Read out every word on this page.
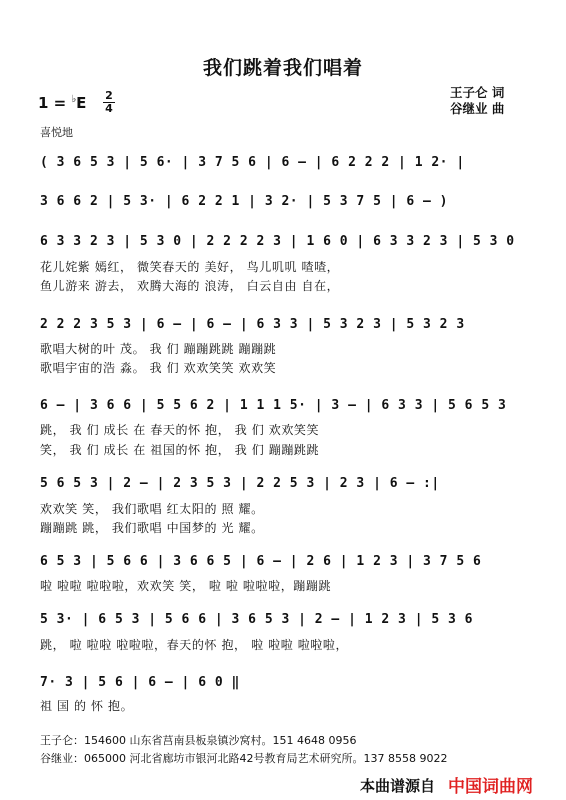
我们跳着我们唱着
王子仑 词
谷继业 曲
1 = ♭E 2
4
喜悦地
( 3 6 5 3 | 5 6· | 3 7 5 6 | 6 – | 6 2 2 2 | 1 2· |
3 6 6 2 | 5 3· | 6 2 2 1 | 3 2· | 5 3 7 5 | 6 – )
6 3 3 2 3 | 5 3 0 | 2 2 2 2 3 | 1 6 0 | 6 3 3 2 3 | 5 3 0
花儿姹紫 嫣红， 微笑春天的 美好， 鸟儿叽叽 喳喳，
鱼儿游来 游去， 欢腾大海的 浪涛， 白云自由 自在，
2 2 2 3 5 3 | 6 – | 6 – | 6 3 3 | 5 3 2 3 | 5 3 2 3
歌唱大树的叶 茂。 我 们 蹦蹦跳跳 蹦蹦跳
歌唱宇宙的浩 淼。 我 们 欢欢笑笑 欢欢笑
6 – | 3 6 6 | 5 5 6 2 | 1 1 1 5· | 3 – | 6 3 3 | 5 6 5 3
跳， 我 们 成长 在 春天的怀 抱， 我 们 欢欢笑笑
笑， 我 们 成长 在 祖国的怀 抱， 我 们 蹦蹦跳跳
5 6 5 3 | 2 – | 2 3 5 3 | 2 2 5 3 | 2 3 | 6 – :|
欢欢笑 笑， 我们歌唱 红太阳的 照 耀。
蹦蹦跳 跳， 我们歌唱 中国梦的 光 耀。
6 5 3 | 5 6 6 | 3 6 6 5 | 6 – | 2 6 | 1 2 3 | 3 7 5 6
啦 啦啦 啦啦啦，欢欢笑 笑， 啦 啦 啦啦啦，蹦蹦跳
5 3· | 6 5 3 | 5 6 6 | 3 6 5 3 | 2 – | 1 2 3 | 5 3 6
跳， 啦 啦啦 啦啦啦，春天的怀 抱， 啦 啦啦 啦啦啦，
7· 3 | 5 6 | 6 – | 6 0 ‖
祖 国 的 怀 抱。
王子仑：154600 山东省莒南县板泉镇沙窝村。151 4648 0956
谷继业：065000 河北省廊坊市银河北路42号教育局艺术研究所。137 8558 9022
本曲谱源自 中国词曲网
